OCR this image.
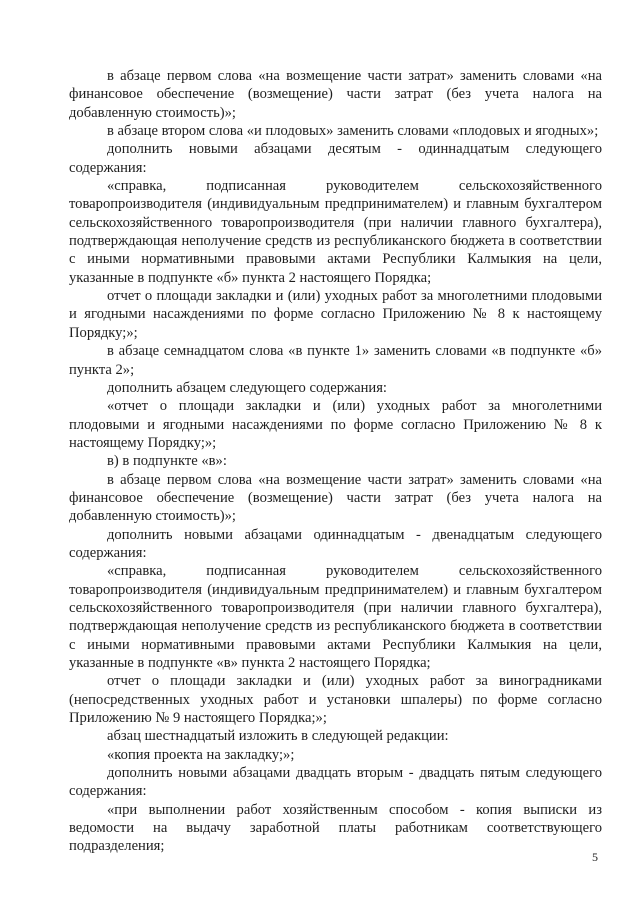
в абзаце первом слова «на возмещение части затрат» заменить словами «на финансовое обеспечение (возмещение) части затрат (без учета налога на добавленную стоимость)»;

в абзаце втором слова «и плодовых» заменить словами «плодовых и ягодных»;

дополнить новыми абзацами десятым - одиннадцатым следующего содержания:

«справка, подписанная руководителем сельскохозяйственного товаропроизводителя (индивидуальным предпринимателем) и главным бухгалтером сельскохозяйственного товаропроизводителя (при наличии главного бухгалтера), подтверждающая неполучение средств из республиканского бюджета в соответствии с иными нормативными правовыми актами Республики Калмыкия на цели, указанные в подпункте «б» пункта 2 настоящего Порядка;

отчет о площади закладки и (или) уходных работ за многолетними плодовыми и ягодными насаждениями по форме согласно Приложению № 8 к настоящему Порядку;»;

в абзаце семнадцатом слова «в пункте 1» заменить словами «в подпункте «б» пункта 2»;

дополнить абзацем следующего содержания:

«отчет о площади закладки и (или) уходных работ за многолетними плодовыми и ягодными насаждениями по форме согласно Приложению № 8 к настоящему Порядку;»;

в) в подпункте «в»:

в абзаце первом слова «на возмещение части затрат» заменить словами «на финансовое обеспечение (возмещение) части затрат (без учета налога на добавленную стоимость)»;

дополнить новыми абзацами одиннадцатым - двенадцатым следующего содержания:

«справка, подписанная руководителем сельскохозяйственного товаропроизводителя (индивидуальным предпринимателем) и главным бухгалтером сельскохозяйственного товаропроизводителя (при наличии главного бухгалтера), подтверждающая неполучение средств из республиканского бюджета в соответствии с иными нормативными правовыми актами Республики Калмыкия на цели, указанные в подпункте «в» пункта 2 настоящего Порядка;

отчет о площади закладки и (или) уходных работ за виноградниками (непосредственных уходных работ и установки шпалеры) по форме согласно Приложению № 9 настоящего Порядка;»;

абзац шестнадцатый изложить в следующей редакции:

«копия проекта на закладку;»;

дополнить новыми абзацами двадцать вторым - двадцать пятым следующего содержания:

«при выполнении работ хозяйственным способом - копия выписки из ведомости на выдачу заработной платы работникам соответствующего подразделения;

5
